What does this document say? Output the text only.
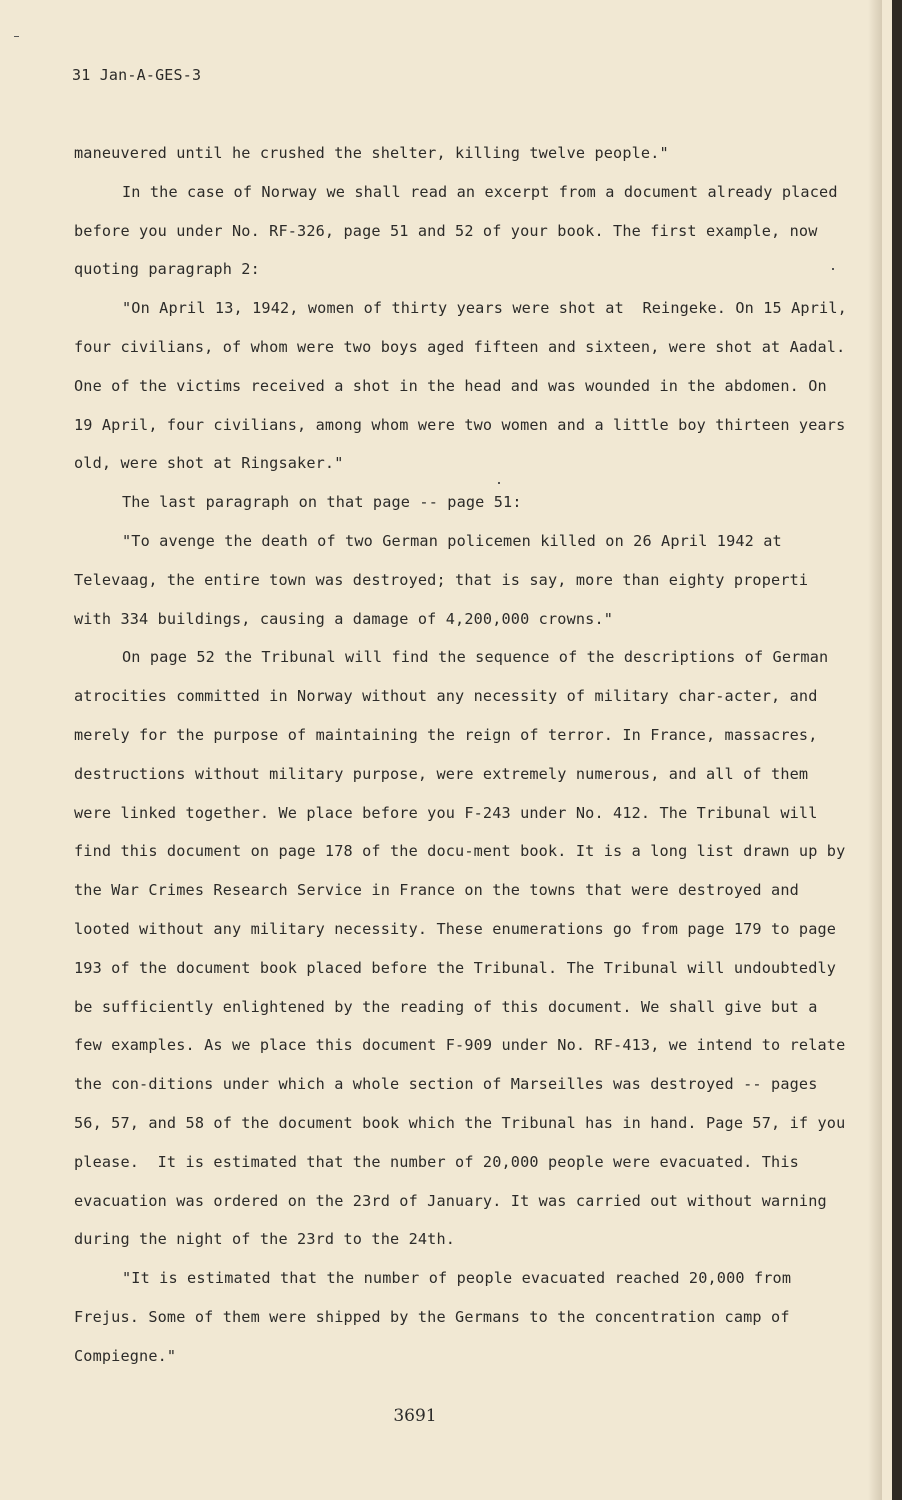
31 Jan-A-GES-3

maneuvered until he crushed the shelter, killing twelve people."

In the case of Norway we shall read an excerpt from a document already placed before you under No. RF-326, page 51 and 52 of your book. The first example, now quoting paragraph 2:

"On April 13, 1942, women of thirty years were shot at  Reingeke. On 15 April, four civilians, of whom were two boys aged fifteen and sixteen, were shot at Aadal. One of the victims received a shot in the head and was wounded in the abdomen. On 19 April, four civilians, among whom were two women and a little boy thirteen years old, were shot at Ringsaker."

The last paragraph on that page -- page 51:

"To avenge the death of two German policemen killed on 26 April 1942 at Televaag, the entire town was destroyed; that is say, more than eighty properti with 334 buildings, causing a damage of 4,200,000 crowns."

On page 52 the Tribunal will find the sequence of the descriptions of German atrocities committed in Norway without any necessity of military char-acter, and merely for the purpose of maintaining the reign of terror. In France, massacres, destructions without military purpose, were extremely numerous, and all of them were linked together. We place before you F-243 under No. 412. The Tribunal will find this document on page 178 of the docu-ment book. It is a long list drawn up by the War Crimes Research Service in France on the towns that were destroyed and looted without any military necessity. These enumerations go from page 179 to page 193 of the document book placed before the Tribunal. The Tribunal will undoubtedly be sufficiently enlightened by the reading of this document. We shall give but a few examples. As we place this document F-909 under No. RF-413, we intend to relate the con-ditions under which a whole section of Marseilles was destroyed -- pages 56, 57, and 58 of the document book which the Tribunal has in hand. Page 57, if you please.  It is estimated that the number of 20,000 people were evacuated. This evacuation was ordered on the 23rd of January. It was carried out without warning during the night of the 23rd to the 24th.

"It is estimated that the number of people evacuated reached 20,000 from Frejus. Some of them were shipped by the Germans to the concentration camp of Compiegne."

3691
